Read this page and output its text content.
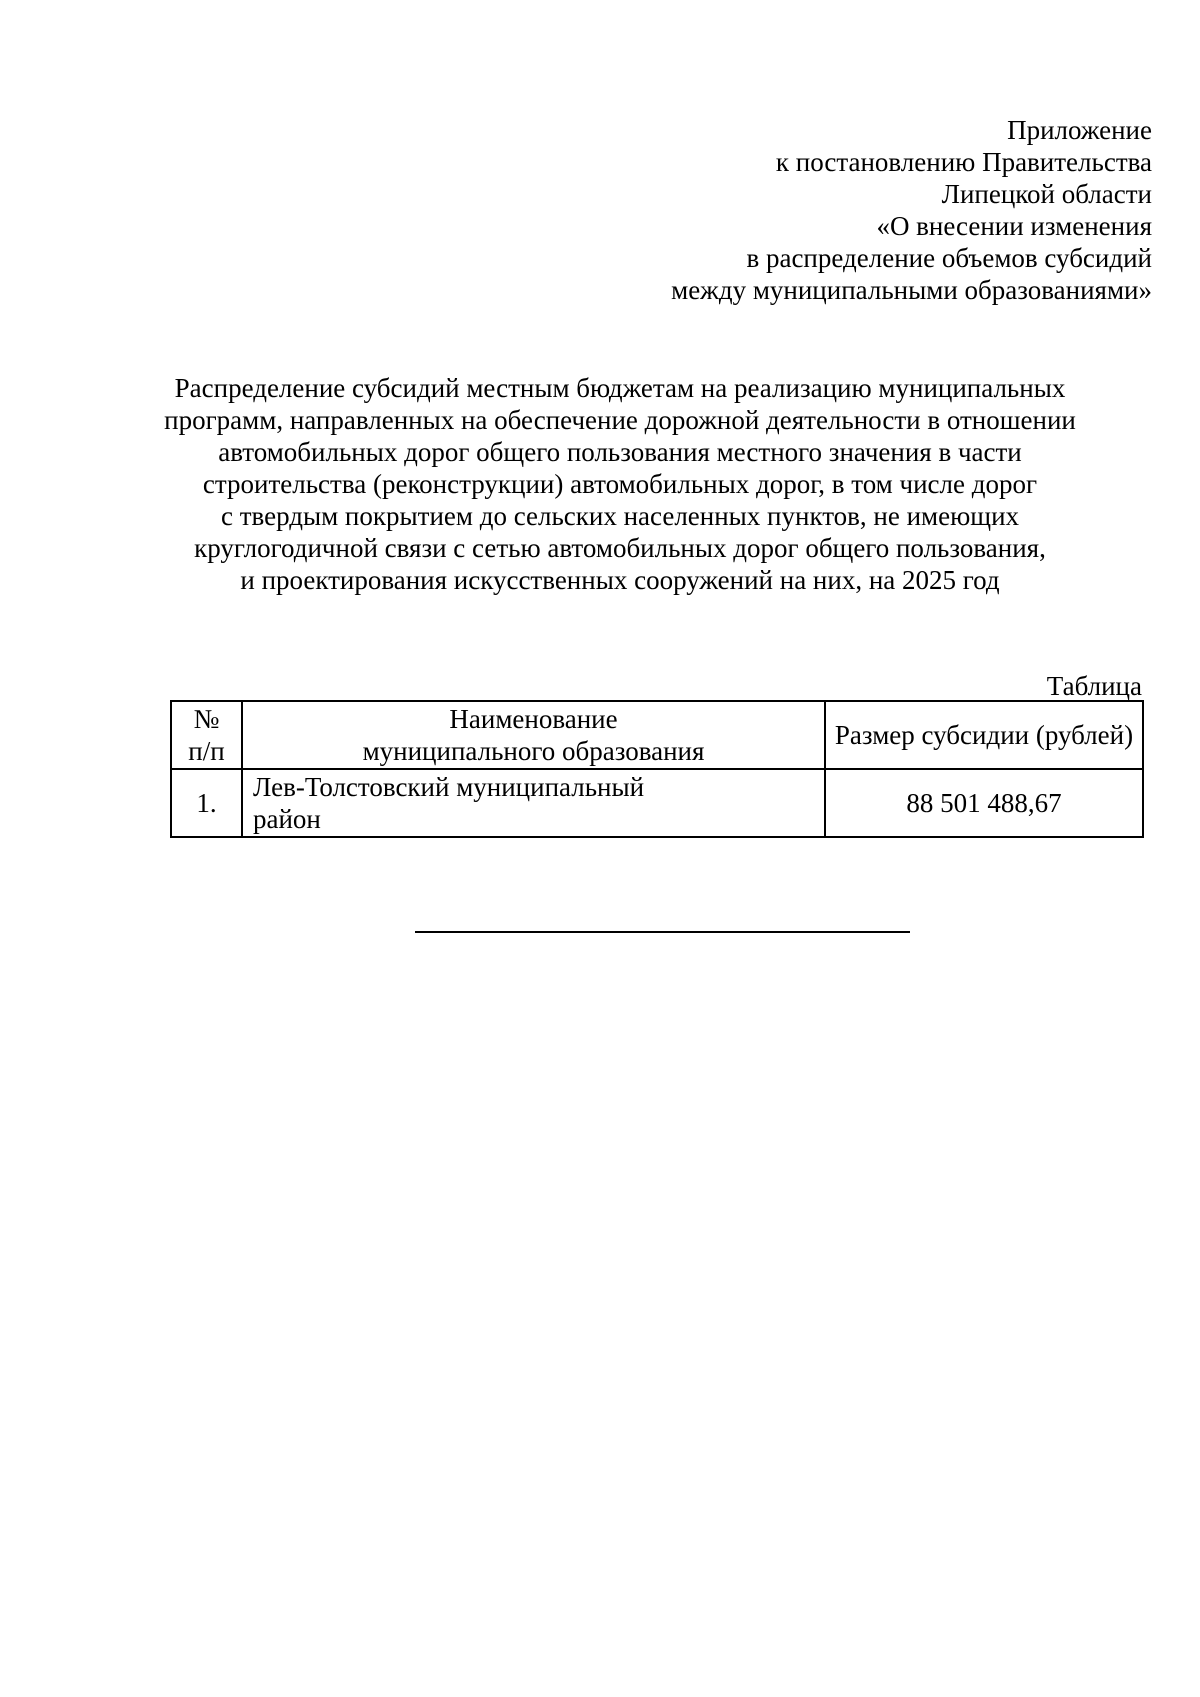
Приложение
к постановлению Правительства
Липецкой области
«О внесении изменения
в распределение объемов субсидий
между муниципальными образованиями»
Распределение субсидий местным бюджетам на реализацию муниципальных
программ, направленных на обеспечение дорожной деятельности в отношении
автомобильных дорог общего пользования местного значения в части
строительства (реконструкции) автомобильных дорог, в том числе дорог
с твердым покрытием до сельских населенных пунктов, не имеющих
круглогодичной связи с сетью автомобильных дорог общего пользования,
и проектирования искусственных сооружений на них, на 2025 год
Таблица
№
п/п	Наименование муниципального образования	Размер субсидии (рублей)
1.	Лев-Толстовский муниципальный район	88 501 488,67
